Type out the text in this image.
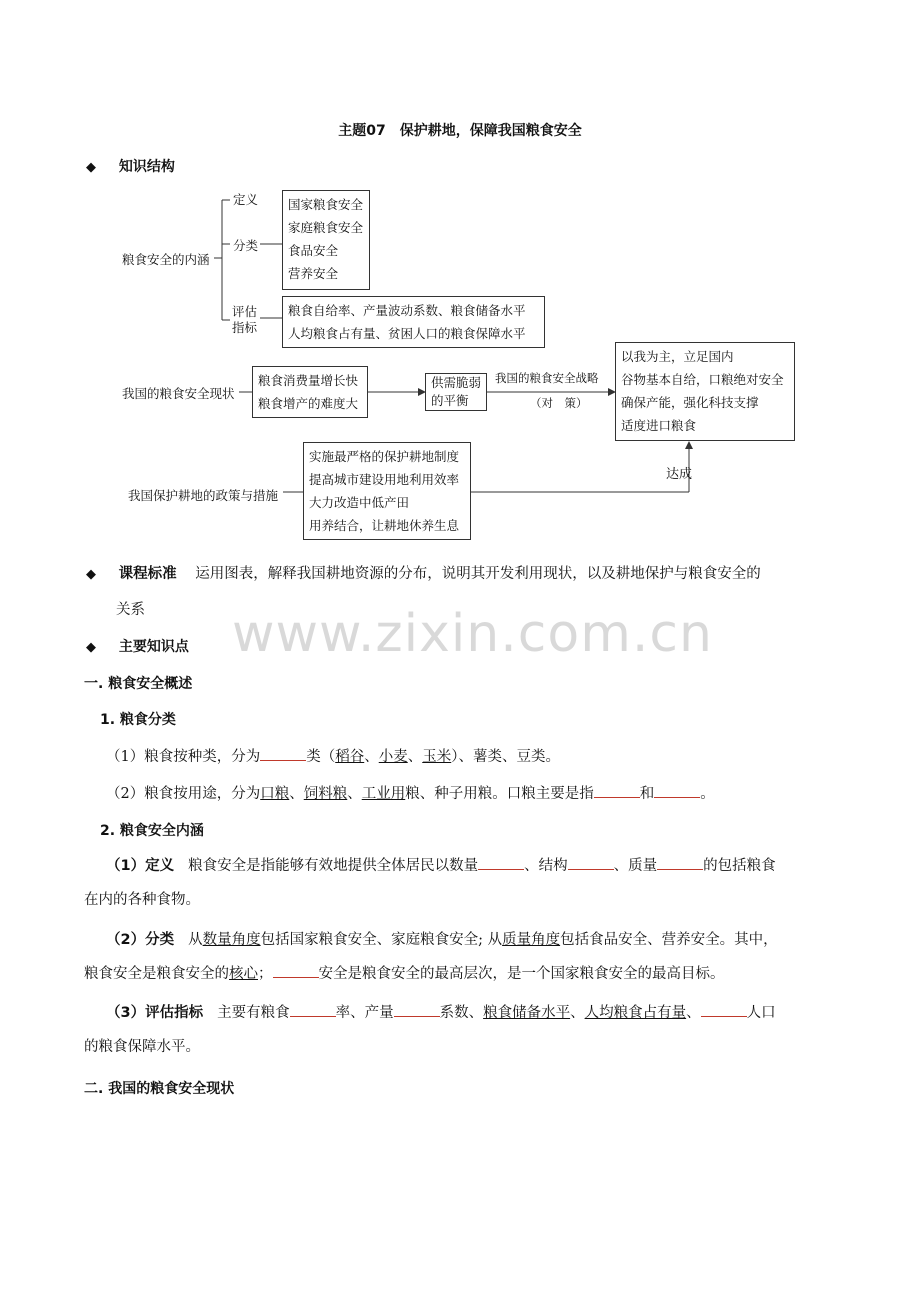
主题07　保护耕地，保障我国粮食安全
◆ 知识结构
粮食安全的内涵
定义
分类
评估
指标
国家粮食安全
家庭粮食安全
食品安全
营养安全
粮食自给率、产量波动系数、粮食储备水平
人均粮食占有量、贫困人口的粮食保障水平
我国的粮食安全现状
粮食消费量增长快
粮食增产的难度大
供需脆弱
的平衡
我国的粮食安全战略
（对　策）
以我为主，立足国内
谷物基本自给，口粮绝对安全
确保产能，强化科技支撑
适度进口粮食
我国保护耕地的政策与措施
实施最严格的保护耕地制度
提高城市建设用地利用效率
大力改造中低产田
用养结合，让耕地休养生息
达成
◆ 课程标准 运用图表，解释我国耕地资源的分布，说明其开发利用现状，以及耕地保护与粮食安全的
关系 www.zixin.com.cn
◆ 主要知识点
一. 粮食安全概述
1. 粮食分类
（1）粮食按种类，分为	类（稻谷、小麦、玉米）、薯类、豆类。
（2）粮食按用途，分为口粮、饲料粮、工业用粮、种子用粮。口粮主要是指	和	。
2. 粮食安全内涵
（1）定义 粮食安全是指能够有效地提供全体居民以数量	、结构	、质量	的包括粮食
在内的各种食物。
（2）分类 从数量角度包括国家粮食安全、家庭粮食安全; 从质量角度包括食品安全、营养安全。其中，
粮食安全是粮食安全的核心；	安全是粮食安全的最高层次，是一个国家粮食安全的最高目标。
（3）评估指标 主要有粮食	率、产量	系数、粮食储备水平、人均粮食占有量、	人口
的粮食保障水平。
二. 我国的粮食安全现状
